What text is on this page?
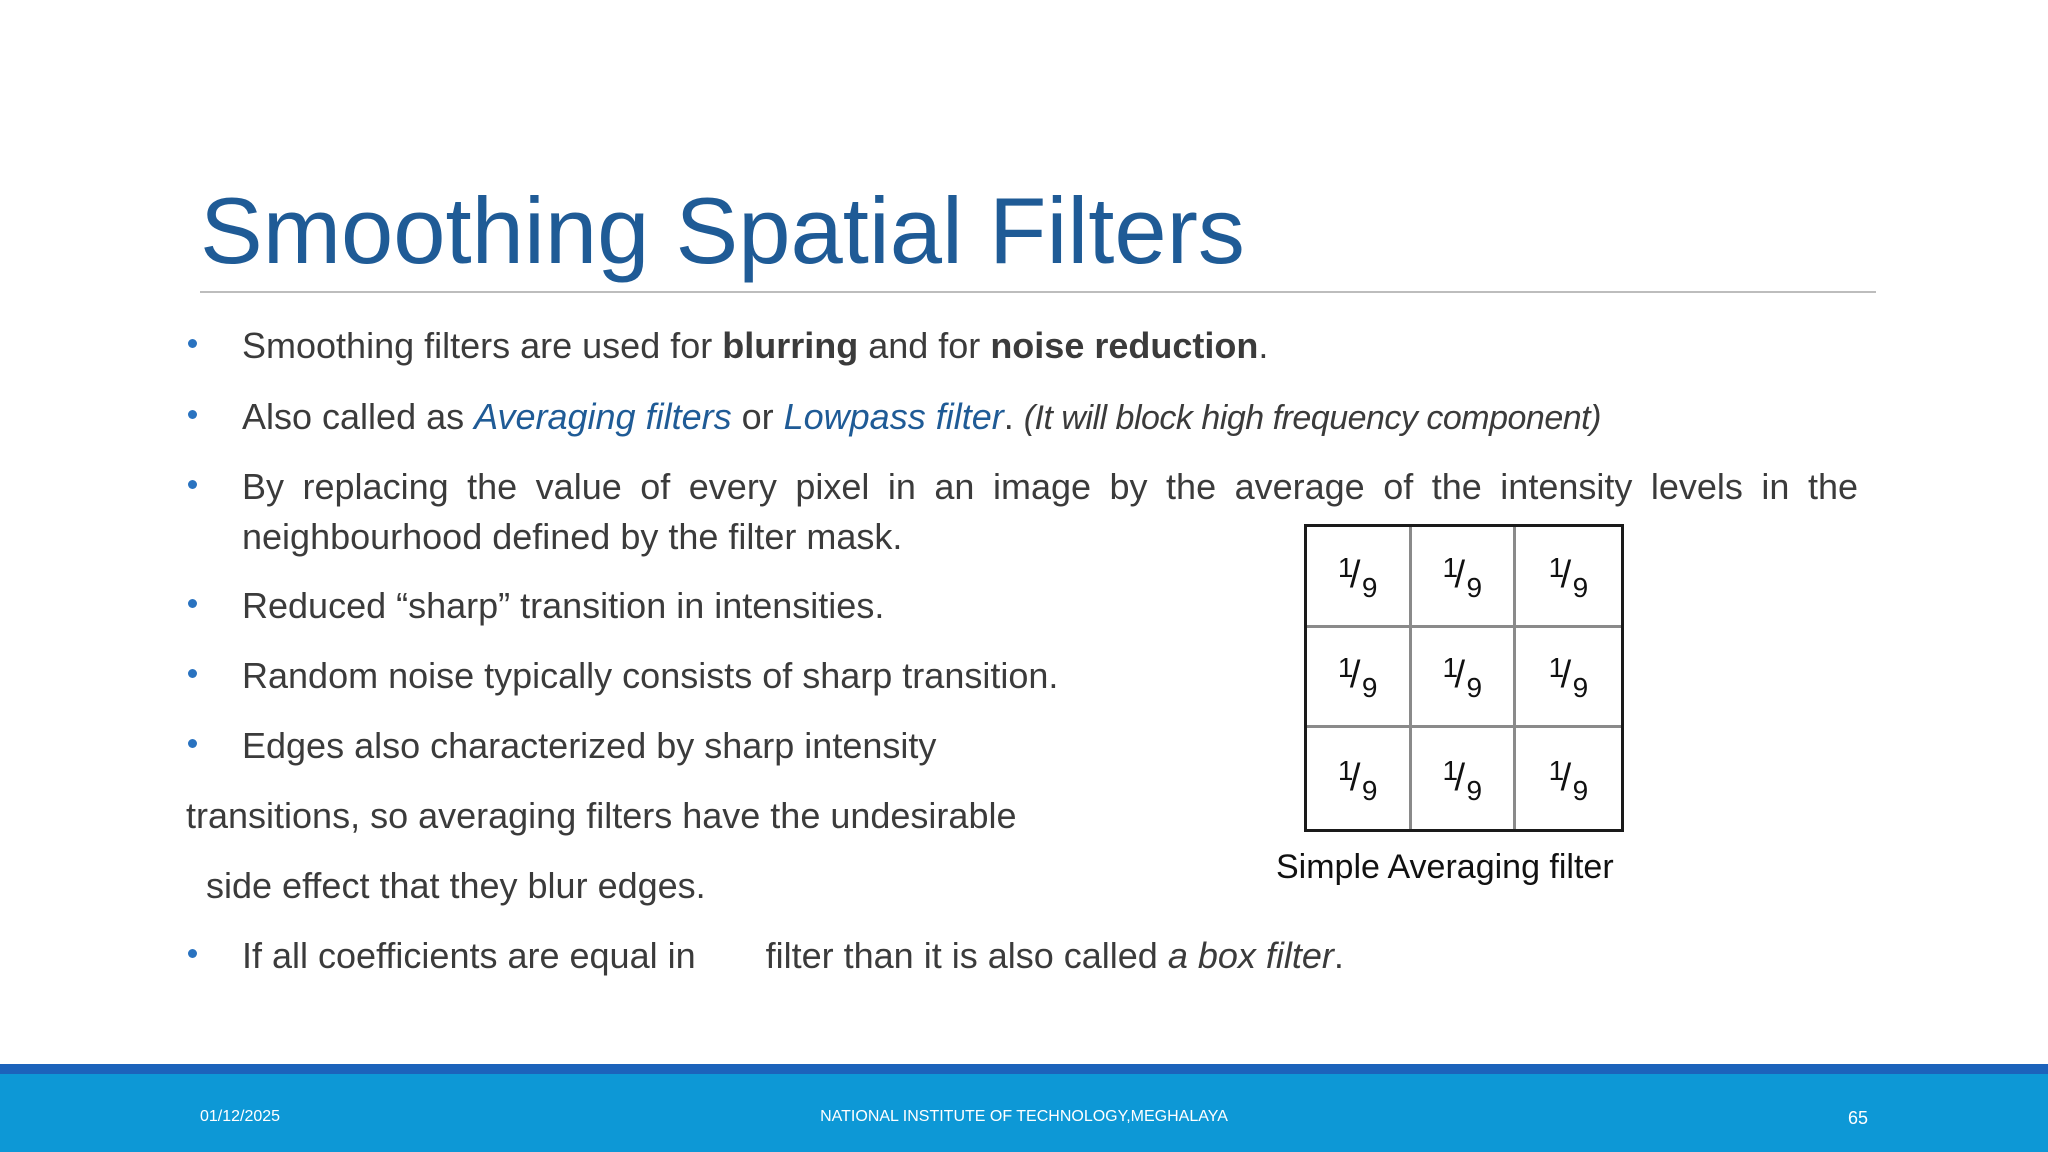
Smoothing Spatial Filters
Smoothing filters are used for blurring and for noise reduction.
Also called as Averaging filters or Lowpass filter. (It will block high frequency component)
By replacing the value of every pixel in an image by the average of the intensity levels in the
neighbourhood defined by the filter mask.
Reduced “sharp” transition in intensities.
Random noise typically consists of sharp transition.
Edges also characterized by sharp intensity
transitions, so averaging filters have the undesirable
side effect that they blur edges.
If all coefficients are equal in       filter than it is also called a box filter.
1
/ 9
1
/ 9
1
/ 9
1
/ 9
1
/ 9
1
/ 9
1
/ 9
1
/ 9
1
/ 9
Simple Averaging filter
01/12/2025	NATIONAL INSTITUTE OF TECHNOLOGY,MEGHALAYA	65
